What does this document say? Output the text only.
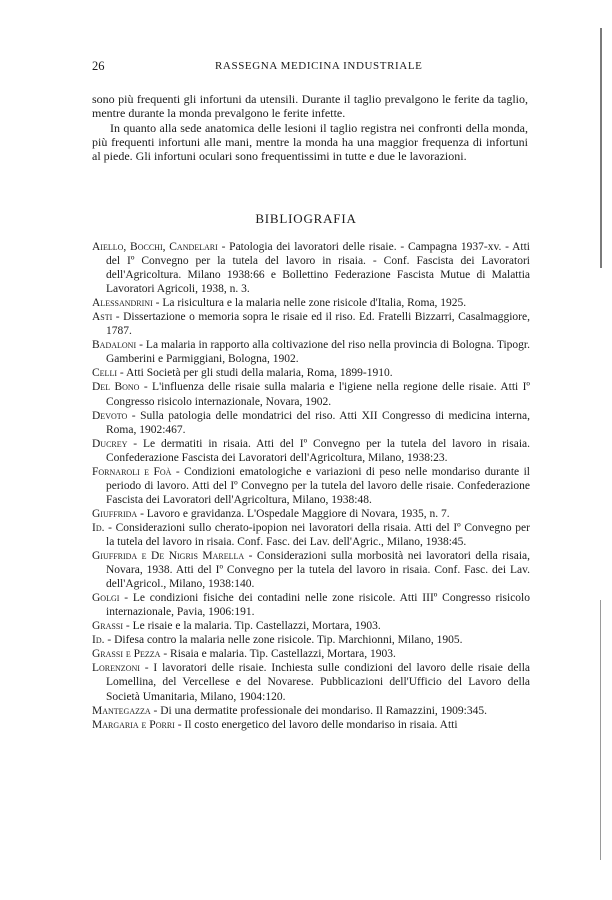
26	RASSEGNA MEDICINA INDUSTRIALE

sono più frequenti gli infortuni da utensili. Durante il taglio prevalgono le ferite da taglio, mentre durante la monda prevalgono le ferite infette.

In quanto alla sede anatomica delle lesioni il taglio registra nei confronti della monda, più frequenti infortuni alle mani, mentre la monda ha una maggior frequenza di infortuni al piede. Gli infortuni oculari sono frequentissimi in tutte e due le lavorazioni.

BIBLIOGRAFIA
Aiello, Bocchi, Candelari - Patologia dei lavoratori delle risaie. - Campagna 1937-xv. - Atti del Iº Convegno per la tutela del lavoro in risaia. - Conf. Fascista dei Lavoratori dell'Agricoltura. Milano 1938:66 e Bollettino Federazione Fascista Mutue di Malattia Lavoratori Agricoli, 1938, n. 3.
Alessandrini - La risicultura e la malaria nelle zone risicole d'Italia, Roma, 1925.
Asti - Dissertazione o memoria sopra le risaie ed il riso. Ed. Fratelli Bizzarri, Casalmaggiore, 1787.
Badaloni - La malaria in rapporto alla coltivazione del riso nella provincia di Bologna. Tipogr. Gamberini e Parmiggiani, Bologna, 1902.
Celli - Atti Società per gli studi della malaria, Roma, 1899-1910.
Del Bono - L'influenza delle risaie sulla malaria e l'igiene nella regione delle risaie. Atti Iº Congresso risicolo internazionale, Novara, 1902.
Devoto - Sulla patologia delle mondatrici del riso. Atti XII Congresso di medicina interna, Roma, 1902:467.
Ducrey - Le dermatiti in risaia. Atti del Iº Convegno per la tutela del lavoro in risaia. Confederazione Fascista dei Lavoratori dell'Agricoltura, Milano, 1938:23.
Fornaroli e Foà - Condizioni ematologiche e variazioni di peso nelle mondariso durante il periodo di lavoro. Atti del Iº Convegno per la tutela del lavoro delle risaie. Confederazione Fascista dei Lavoratori dell'Agricoltura, Milano, 1938:48.
Giuffrida - Lavoro e gravidanza. L'Ospedale Maggiore di Novara, 1935, n. 7.
Id. - Considerazioni sullo cherato-ipopion nei lavoratori della risaia. Atti del Iº Convegno per la tutela del lavoro in risaia. Conf. Fasc. dei Lav. dell'Agric., Milano, 1938:45.
Giuffrida e De Nigris Marella - Considerazioni sulla morbosità nei lavoratori della risaia, Novara, 1938. Atti del Iº Convegno per la tutela del lavoro in risaia. Conf. Fasc. dei Lav. dell'Agricol., Milano, 1938:140.
Golgi - Le condizioni fisiche dei contadini nelle zone risicole. Atti IIIº Congresso risicolo internazionale, Pavia, 1906:191.
Grassi - Le risaie e la malaria. Tip. Castellazzi, Mortara, 1903.
Id. - Difesa contro la malaria nelle zone risicole. Tip. Marchionni, Milano, 1905.
Grassi e Pezza - Risaia e malaria. Tip. Castellazzi, Mortara, 1903.
Lorenzoni - I lavoratori delle risaie. Inchiesta sulle condizioni del lavoro delle risaie della Lomellina, del Vercellese e del Novarese. Pubblicazioni dell'Ufficio del Lavoro della Società Umanitaria, Milano, 1904:120.
Mantegazza - Di una dermatite professionale dei mondariso. Il Ramazzini, 1909:345.
Margaria e Porri - Il costo energetico del lavoro delle mondariso in risaia. Atti
